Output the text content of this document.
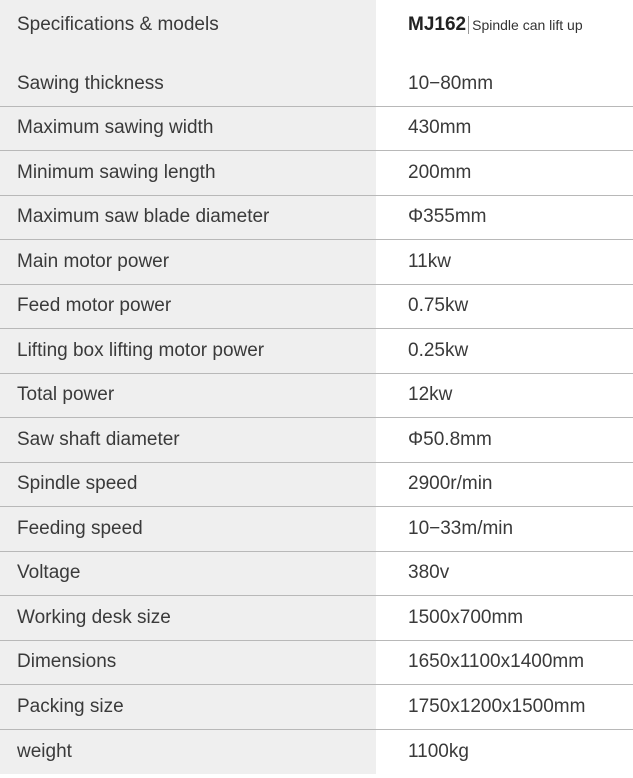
Specifications & models	MJ162 Spindle can lift up
Sawing thickness	10−80mm
Maximum sawing width	430mm
Minimum sawing length	200mm
Maximum saw blade diameter	Φ355mm
Main motor power	11kw
Feed motor power	0.75kw
Lifting box lifting motor power	0.25kw
Total power	12kw
Saw shaft diameter	Φ50.8mm
Spindle speed	2900r/min
Feeding speed	10−33m/min
Voltage	380v
Working desk size	1500x700mm
Dimensions	1650x1100x1400mm
Packing size	1750x1200x1500mm
weight	1100kg
